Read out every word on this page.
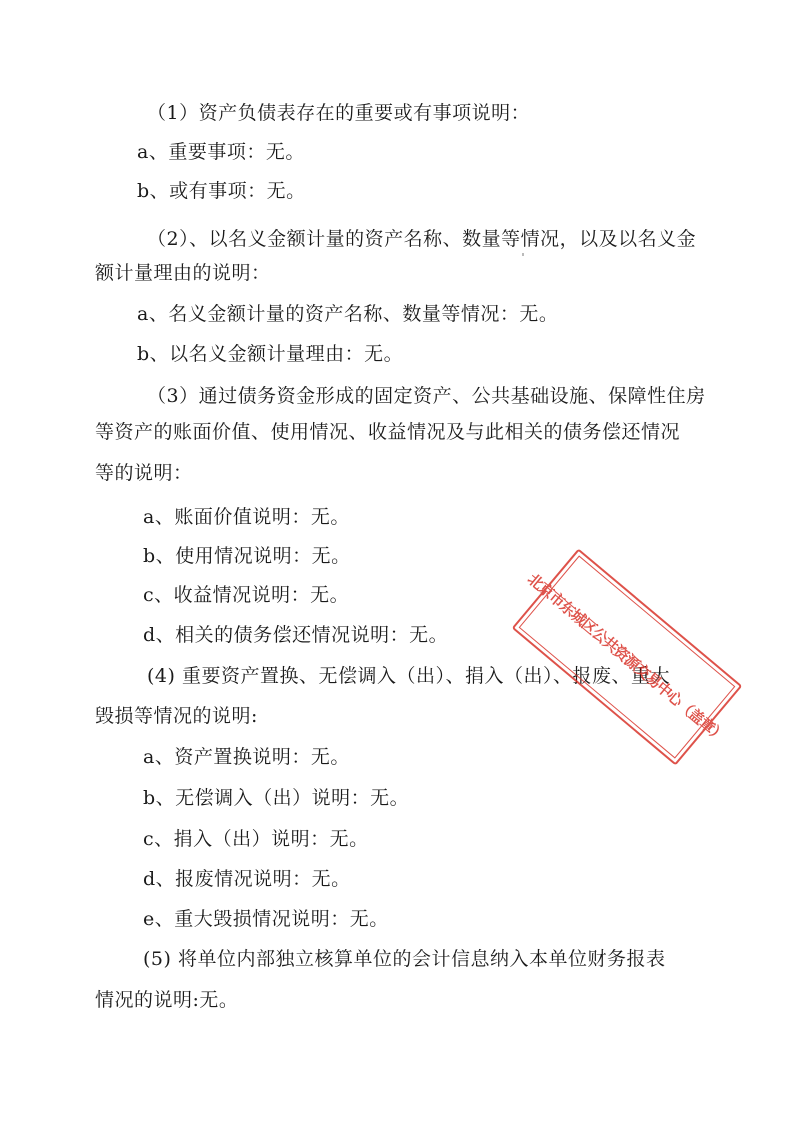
（1）资产负债表存在的重要或有事项说明：
a、重要事项：无。
b、或有事项：无。
（2）、以名义金额计量的资产名称、数量等情况，以及以名义金
额计量理由的说明：
a、名义金额计量的资产名称、数量等情况：无。
b、以名义金额计量理由：无。
（3）通过债务资金形成的固定资产、公共基础设施、保障性住房
等资产的账面价值、使用情况、收益情况及与此相关的债务偿还情况
等的说明：
a、账面价值说明：无。
b、使用情况说明：无。
c、收益情况说明：无。
d、相关的债务偿还情况说明：无。
(4) 重要资产置换、无偿调入（出）、捐入（出）、报废、重大
毁损等情况的说明:
a、资产置换说明：无。
b、无偿调入（出）说明：无。
c、捐入（出）说明：无。
d、报废情况说明：无。
e、重大毁损情况说明：无。
(5) 将单位内部独立核算单位的会计信息纳入本单位财务报表
情况的说明:无。
北京市东城区公共资源交易中心（盖章）
